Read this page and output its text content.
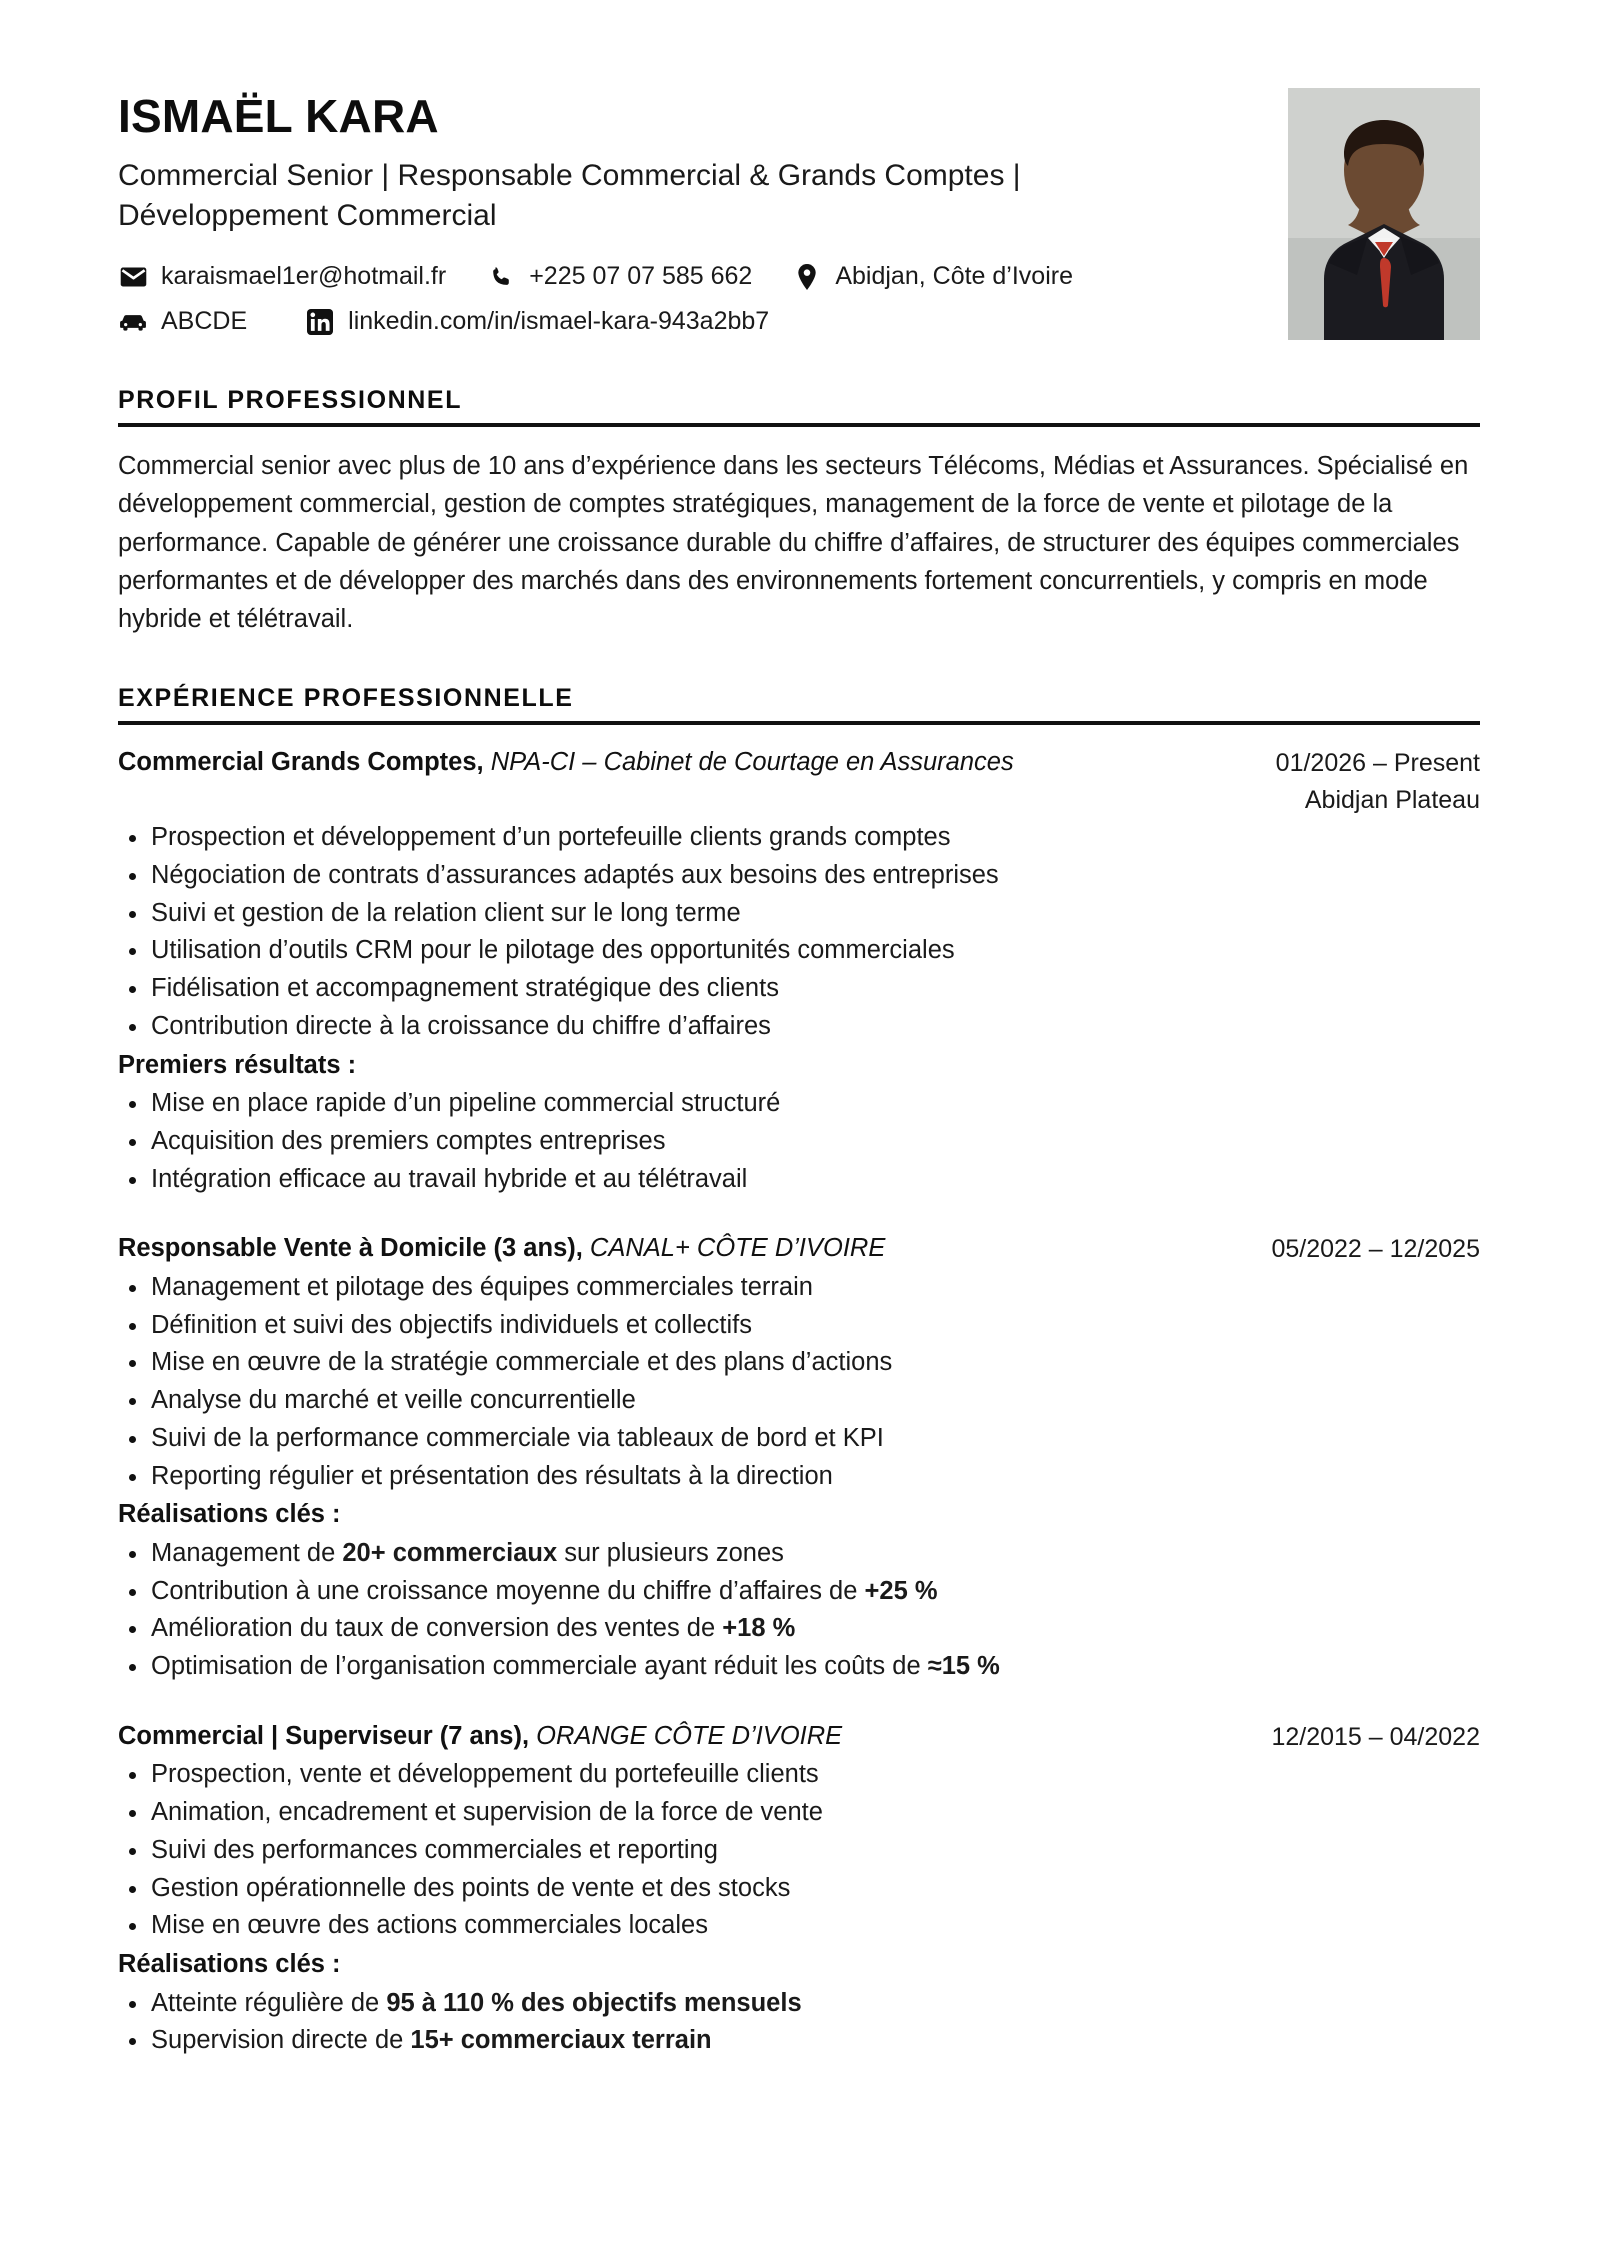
ISMAËL KARA
Commercial Senior | Responsable Commercial & Grands Comptes | Développement Commercial
karaismael1er@hotmail.fr	+225 07 07 585 662	Abidjan, Côte d’Ivoire
ABCDE	linkedin.com/in/ismael-kara-943a2bb7
PROFIL PROFESSIONNEL

Commercial senior avec plus de 10 ans d’expérience dans les secteurs Télécoms, Médias et Assurances. Spécialisé en développement commercial, gestion de comptes stratégiques, management de la force de vente et pilotage de la performance. Capable de générer une croissance durable du chiffre d’affaires, de structurer des équipes commerciales performantes et de développer des marchés dans des environnements fortement concurrentiels, y compris en mode hybride et télétravail.

EXPÉRIENCE PROFESSIONNELLE
Commercial Grands Comptes, NPA-CI – Cabinet de Courtage en Assurances	01/2026 – Present
Abidjan Plateau
Prospection et développement d’un portefeuille clients grands comptes
Négociation de contrats d’assurances adaptés aux besoins des entreprises
Suivi et gestion de la relation client sur le long terme
Utilisation d’outils CRM pour le pilotage des opportunités commerciales
Fidélisation et accompagnement stratégique des clients
Contribution directe à la croissance du chiffre d’affaires
Premiers résultats :
Mise en place rapide d’un pipeline commercial structuré
Acquisition des premiers comptes entreprises
Intégration efficace au travail hybride et au télétravail
Responsable Vente à Domicile (3 ans), CANAL+ CÔTE D’IVOIRE	05/2022 – 12/2025
Management et pilotage des équipes commerciales terrain
Définition et suivi des objectifs individuels et collectifs
Mise en œuvre de la stratégie commerciale et des plans d’actions
Analyse du marché et veille concurrentielle
Suivi de la performance commerciale via tableaux de bord et KPI
Reporting régulier et présentation des résultats à la direction
Réalisations clés :
Management de 20+ commerciaux sur plusieurs zones
Contribution à une croissance moyenne du chiffre d’affaires de +25 %
Amélioration du taux de conversion des ventes de +18 %
Optimisation de l’organisation commerciale ayant réduit les coûts de ≈15 %
Commercial | Superviseur (7 ans), ORANGE CÔTE D’IVOIRE	12/2015 – 04/2022
Prospection, vente et développement du portefeuille clients
Animation, encadrement et supervision de la force de vente
Suivi des performances commerciales et reporting
Gestion opérationnelle des points de vente et des stocks
Mise en œuvre des actions commerciales locales
Réalisations clés :
Atteinte régulière de 95 à 110 % des objectifs mensuels
Supervision directe de 15+ commerciaux terrain
